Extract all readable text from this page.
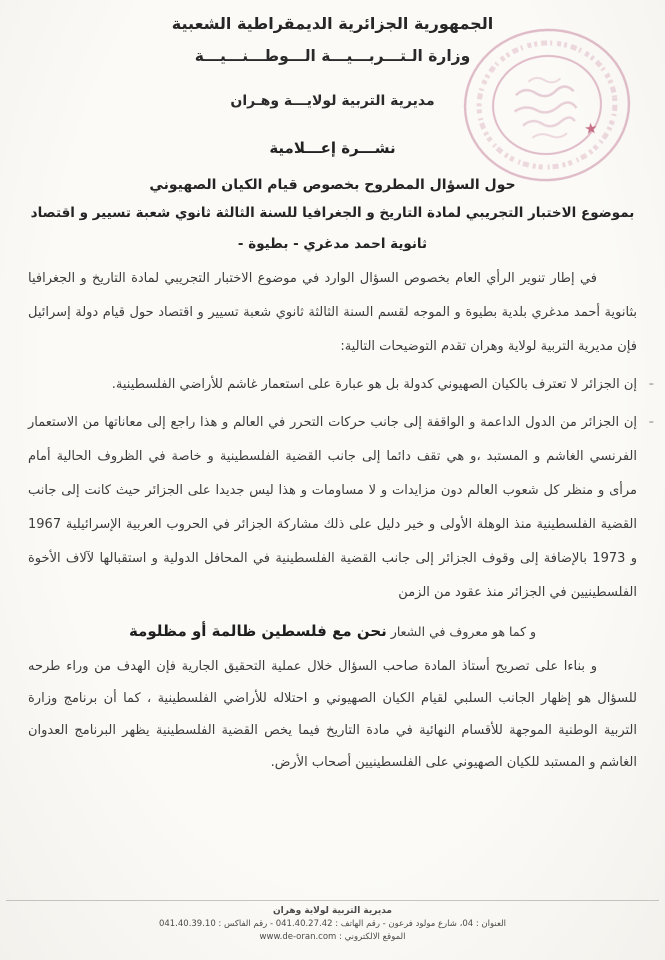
★
الجمهورية الجزائرية الديمقراطية الشعبية
وزارة الـتـــربـــيـــة الـــوطـــنـــيـــة
مديرية التربية لولايـــة وهـران
نشـــرة إعـــلامية
حول السؤال المطروح بخصوص قيام الكيان الصهيوني
بموضوع الاختبار التجريبي لمادة التاريخ و الجغرافيا للسنة الثالثة ثانوي شعبة تسيير و اقتصاد
ثانوية احمد مدغري - بطيوة -

في إطار تنوير الرأي العام بخصوص السؤال الوارد في موضوع الاختبار التجريبي لمادة التاريخ و الجغرافيا بثانوية أحمد مدغري بلدية بطيوة و الموجه لقسم السنة الثالثة ثانوي شعبة تسيير و اقتصاد حول قيام دولة إسرائيل فإن مديرية التربية لولاية وهران تقدم التوضيحات التالية:

-
إن الجزائر لا تعترف بالكيان الصهيوني كدولة بل هو عبارة على استعمار غاشم للأراضي الفلسطينية.
-
إن الجزائر من الدول الداعمة و الواقفة إلى جانب حركات التحرر في العالم و هذا راجع إلى معاناتها من الاستعمار الفرنسي الغاشم و المستبد ،و هي تقف دائما إلى جانب القضية الفلسطينية و خاصة في الظروف الحالية أمام مرأى و منظر كل شعوب العالم دون مزايدات و لا مساومات و هذا ليس جديدا على الجزائر حيث كانت إلى جانب القضية الفلسطينية منذ الوهلة الأولى و خير دليل على ذلك مشاركة الجزائر في الحروب العربية الإسرائيلية 1967 و 1973 بالإضافة إلى وقوف الجزائر إلى جانب القضية الفلسطينية في المحافل الدولية و استقبالها لآلاف الأخوة الفلسطينيين في الجزائر منذ عقود من الزمن

و كما هو معروف في الشعار نحن مع فلسطين ظالمة أو مظلومة

و بناءا على تصريح أستاذ المادة صاحب السؤال خلال عملية التحقيق الجارية فإن الهدف من وراء طرحه للسؤال هو إظهار الجانب السلبي لقيام الكيان الصهيوني و احتلاله للأراضي الفلسطينية ، كما أن برنامج وزارة التربية الوطنية الموجهة للأقسام النهائية في مادة التاريخ فيما يخص القضية الفلسطينية يظهر البرنامج العدوان الغاشم و المستبد للكيان الصهيوني على الفلسطينيين أصحاب الأرض.

مديرية التربية لولاية وهران
العنوان : 04، شارع مولود فرعون - رقم الهاتف : 041.40.27.42 - رقم الفاكس : 041.40.39.10
الموقع الالكتروني : www.de-oran.com
